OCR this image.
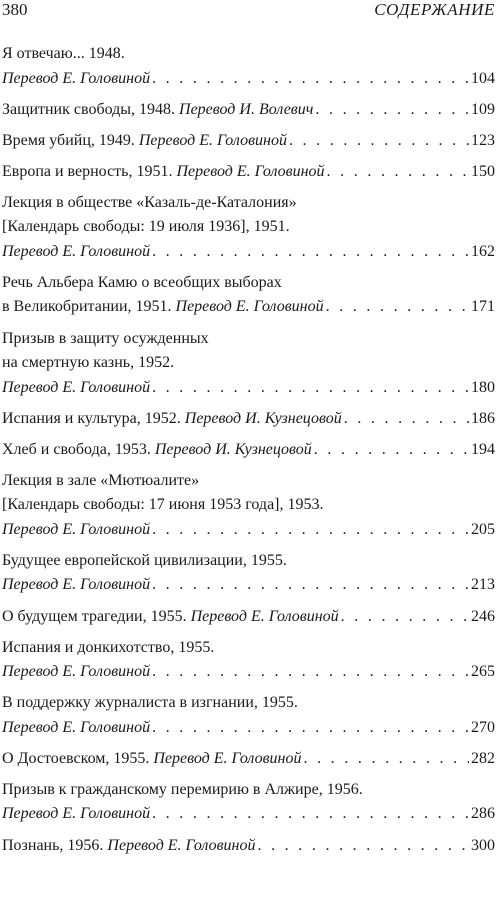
380	СОДЕРЖАНИЕ
Я отвечаю... 1948.
Перевод Е. Головиной . . .	104
Защитник свободы, 1948. Перевод И. Волевич . . .	109
Время убийц, 1949. Перевод Е. Головиной . . .	123
Европа и верность, 1951. Перевод Е. Головиной . . .	150
Лекция в обществе «Казаль-де-Каталония»
[Календарь свободы: 19 июля 1936], 1951.
Перевод Е. Головиной . . .	162
Речь Альбера Камю о всеобщих выборах
в Великобритании, 1951. Перевод Е. Головиной . . .	171
Призыв в защиту осужденных
на смертную казнь, 1952.
Перевод Е. Головиной . . .	180
Испания и культура, 1952. Перевод И. Кузнецовой . . .	186
Хлеб и свобода, 1953. Перевод И. Кузнецовой . . .	194
Лекция в зале «Мютюалите»
[Календарь свободы: 17 июня 1953 года], 1953.
Перевод Е. Головиной . . .	205
Будущее европейской цивилизации, 1955.
Перевод Е. Головиной . . .	213
О будущем трагедии, 1955. Перевод Е. Головиной . . .	246
Испания и донкихотство, 1955.
Перевод Е. Головиной . . .	265
В поддержку журналиста в изгнании, 1955.
Перевод Е. Головиной . . .	270
О Достоевском, 1955. Перевод Е. Головиной . . .	282
Призыв к гражданскому перемирию в Алжире, 1956.
Перевод Е. Головиной . . .	286
Познань, 1956. Перевод Е. Головиной . . .	300
